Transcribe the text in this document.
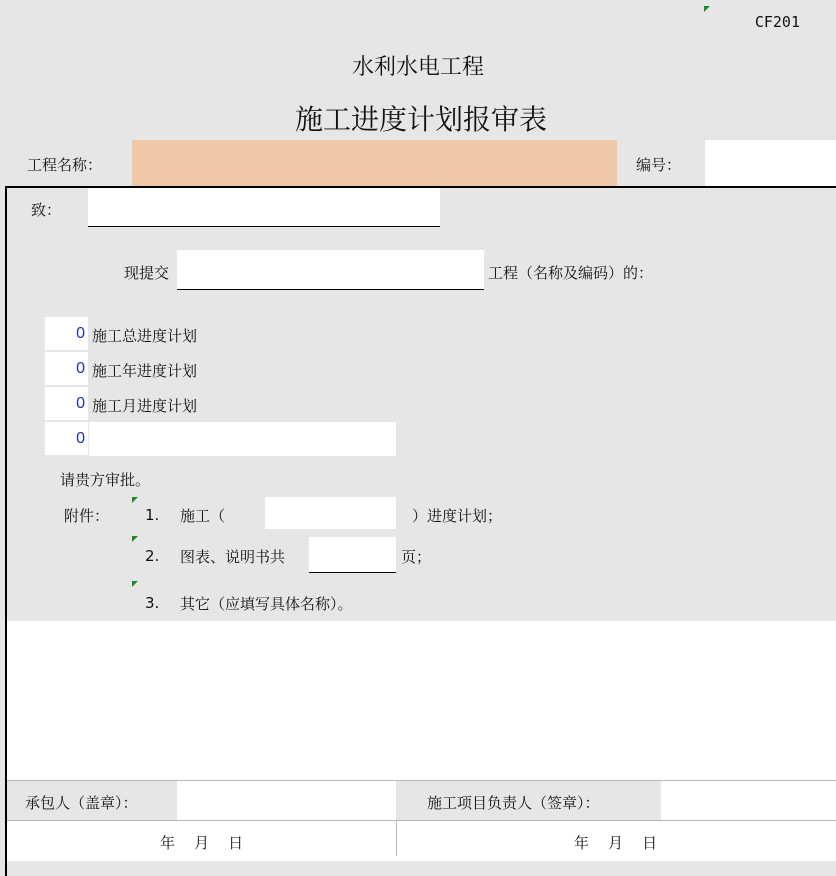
CF201
水利水电工程
施工进度计划报审表
工程名称：	编号：
致：
现提交	工程（名称及编码）的：
0 施工总进度计划
0 施工年进度计划
0 施工月进度计划
0
请贵方审批。
附件： 1. 施工（	）进度计划；
2. 图表、说明书共	页；
3. 其它（应填写具体名称）。
承包人（盖章）：	施工项目负责人（签章）：
年    月    日	年    月    日
